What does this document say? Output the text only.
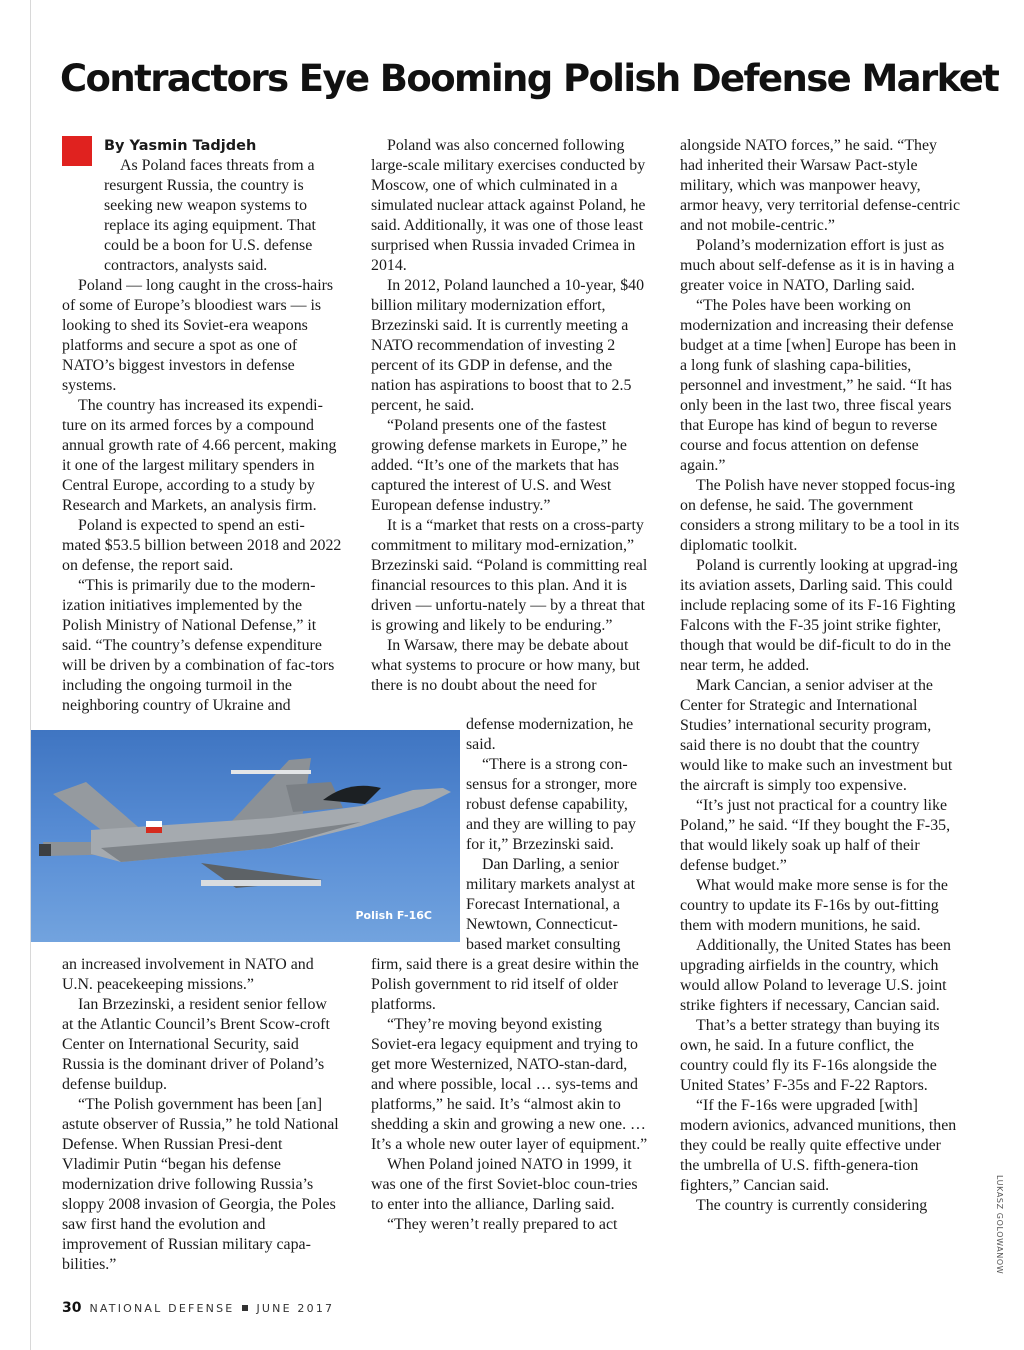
Contractors Eye Booming Polish Defense Market
By Yasmin Tadjdeh

As Poland faces threats from a resurgent Russia, the country is seeking new weapon systems to replace its aging equipment. That could be a boon for U.S. defense contractors, analysts said.

Poland — long caught in the cross-hairs of some of Europe’s bloodiest wars — is looking to shed its Soviet-era weapons platforms and secure a spot as one of NATO’s biggest investors in defense systems.

The country has increased its expendi-ture on its armed forces by a compound annual growth rate of 4.66 percent, making it one of the largest military spenders in Central Europe, according to a study by Research and Markets, an analysis firm.

Poland is expected to spend an esti-mated $53.5 billion between 2018 and 2022 on defense, the report said.

“This is primarily due to the modern-ization initiatives implemented by the Polish Ministry of National Defense,” it said. “The country’s defense expenditure will be driven by a combination of fac-tors including the ongoing turmoil in the neighboring country of Ukraine and

Polish F-16C

an increased involvement in NATO and U.N. peacekeeping missions.”

Ian Brzezinski, a resident senior fellow at the Atlantic Council’s Brent Scow-croft Center on International Security, said Russia is the dominant driver of Poland’s defense buildup.

“The Polish government has been [an] astute observer of Russia,” he told National Defense. When Russian Presi-dent Vladimir Putin “began his defense modernization drive following Russia’s sloppy 2008 invasion of Georgia, the Poles saw first hand the evolution and improvement of Russian military capa-bilities.”

Poland was also concerned following large-scale military exercises conducted by Moscow, one of which culminated in a simulated nuclear attack against Poland, he said. Additionally, it was one of those least surprised when Russia invaded Crimea in 2014.

In 2012, Poland launched a 10-year, $40 billion military modernization effort, Brzezinski said. It is currently meeting a NATO recommendation of investing 2 percent of its GDP in defense, and the nation has aspirations to boost that to 2.5 percent, he said.

“Poland presents one of the fastest growing defense markets in Europe,” he added. “It’s one of the markets that has captured the interest of U.S. and West European defense industry.”

It is a “market that rests on a cross-party commitment to military mod-ernization,” Brzezinski said. “Poland is committing real financial resources to this plan. And it is driven — unfortu-nately — by a threat that is growing and likely to be enduring.”

In Warsaw, there may be debate about what systems to procure or how many, but there is no doubt about the need for

defense modernization, he said.

“There is a strong con-sensus for a stronger, more robust defense capability, and they are willing to pay for it,” Brzezinski said.

Dan Darling, a senior military markets analyst at Forecast International, a Newtown, Connecticut-based market consulting

firm, said there is a great desire within the Polish government to rid itself of older platforms.

“They’re moving beyond existing Soviet-era legacy equipment and trying to get more Westernized, NATO-stan-dard, and where possible, local … sys-tems and platforms,” he said. It’s “almost akin to shedding a skin and growing a new one. … It’s a whole new outer layer of equipment.”

When Poland joined NATO in 1999, it was one of the first Soviet-bloc coun-tries to enter into the alliance, Darling said.

“They weren’t really prepared to act

alongside NATO forces,” he said. “They had inherited their Warsaw Pact-style military, which was manpower heavy, armor heavy, very territorial defense-centric and not mobile-centric.”

Poland’s modernization effort is just as much about self-defense as it is in having a greater voice in NATO, Darling said.

“The Poles have been working on modernization and increasing their defense budget at a time [when] Europe has been in a long funk of slashing capa-bilities, personnel and investment,” he said. “It has only been in the last two, three fiscal years that Europe has kind of begun to reverse course and focus attention on defense again.”

The Polish have never stopped focus-ing on defense, he said. The government considers a strong military to be a tool in its diplomatic toolkit.

Poland is currently looking at upgrad-ing its aviation assets, Darling said. This could include replacing some of its F-16 Fighting Falcons with the F-35 joint strike fighter, though that would be dif-ficult to do in the near term, he added.

Mark Cancian, a senior adviser at the Center for Strategic and International Studies’ international security program, said there is no doubt that the country would like to make such an investment but the aircraft is simply too expensive.

“It’s just not practical for a country like Poland,” he said. “If they bought the F-35, that would likely soak up half of their defense budget.”

What would make more sense is for the country to update its F-16s by out-fitting them with modern munitions, he said.

Additionally, the United States has been upgrading airfields in the country, which would allow Poland to leverage U.S. joint strike fighters if necessary, Cancian said.

That’s a better strategy than buying its own, he said. In a future conflict, the country could fly its F-16s alongside the United States’ F-35s and F-22 Raptors.

“If the F-16s were upgraded [with] modern avionics, advanced munitions, then they could be really quite effective under the umbrella of U.S. fifth-genera-tion fighters,” Cancian said.

The country is currently considering	LUKASZ GOLOWANOW
30 NATIONAL DEFENSE JUNE 2017
